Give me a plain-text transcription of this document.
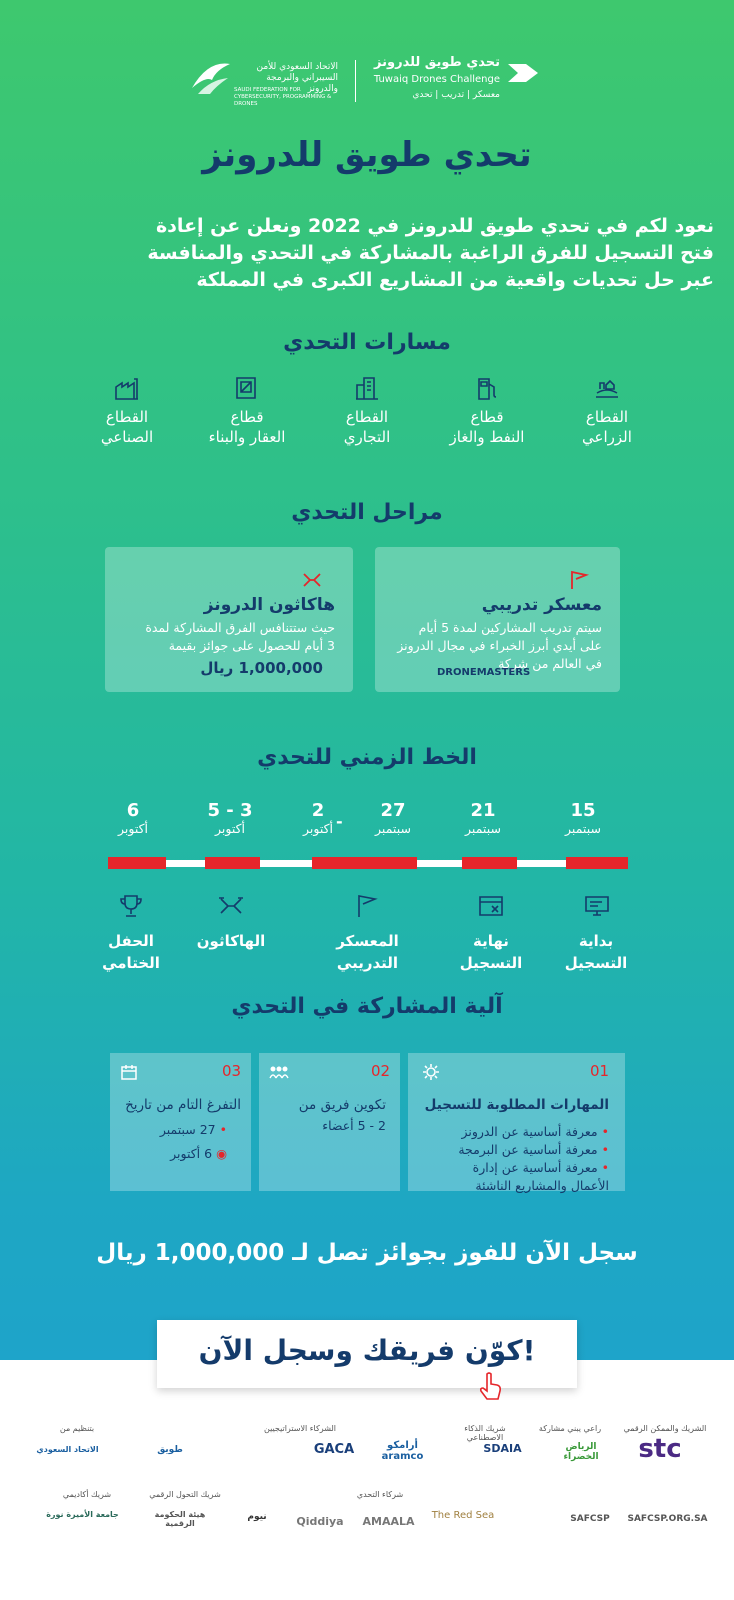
الاتحاد السعودي للأمن السيبراني والبرمجة والدرونز
SAUDI FEDERATION FOR CYBERSECURITY, PROGRAMMING & DRONES
تحدي طويق للدرونز
Tuwaiq Drones Challenge
معسكر | تدريب | تحدي
تحدي طويق للدرونز
نعود لكم في تحدي طويق للدرونز في 2022 ونعلن عن إعادة فتح التسجيل للفرق الراغبة بالمشاركة في التحدي والمنافسة عبر حل تحديات واقعية من المشاريع الكبرى في المملكة
مسارات التحدي
القطاع
الزراعي
قطاع
النفط والغاز
القطاع
التجاري
قطاع
العقار والبناء
القطاع
الصناعي
مراحل التحدي
معسكر تدريبي
سيتم تدريب المشاركين لمدة 5 أيام
على أيدي أبرز الخبراء في مجال الدرونز
في العالم من شركة
DRONEMASTERS
هاكاثون الدرونز
حيث ستتنافس الفرق المشاركة لمدة
3 أيام للحصول على جوائز بقيمة
1,000,000 ريال
الخط الزمني للتحدي
15
سبتمبر
21
سبتمبر
27
سبتمبر
-
2
أكتوبر
5 - 3
أكتوبر
6
أكتوبر
بداية
التسجيل
نهاية
التسجيل
المعسكر
التدريبي
الهاكاثون
الحفل
الختامي
آلية المشاركة في التحدي
01
المهارات المطلوبة للتسجيل
• معرفة أساسية عن الدرونز
• معرفة أساسية عن البرمجة
• معرفة أساسية عن إدارة
الأعمال والمشاريع الناشئة
02
تكوين فريق من
2 - 5 أعضاء
03
التفرغ التام من تاريخ
• 27 سبتمبر
◉ 6 أكتوبر
سجل الآن للفوز بجوائز تصل لـ 1,000,000 ريال
كوّن فريقك وسجل الآن!
بتنظيم من	الشركاء الاستراتيجيين	شريك الذكاء الاصطناعي
راعي يبني مشاركة	الشريك والممكن الرقمي
الاتحاد السعودي	طويق	GACA	أرامكو aramco
SDAIA	الرياض الخضراء	stc
شريك أكاديمي	شريك التحول الرقمي	شركاء التحدي
جامعة الأميرة نورة	هيئة الحكومة الرقمية
نيوم	Qiddiya	AMAALA	The Red Sea	SAFCSP	SAFCSP.ORG.SA
